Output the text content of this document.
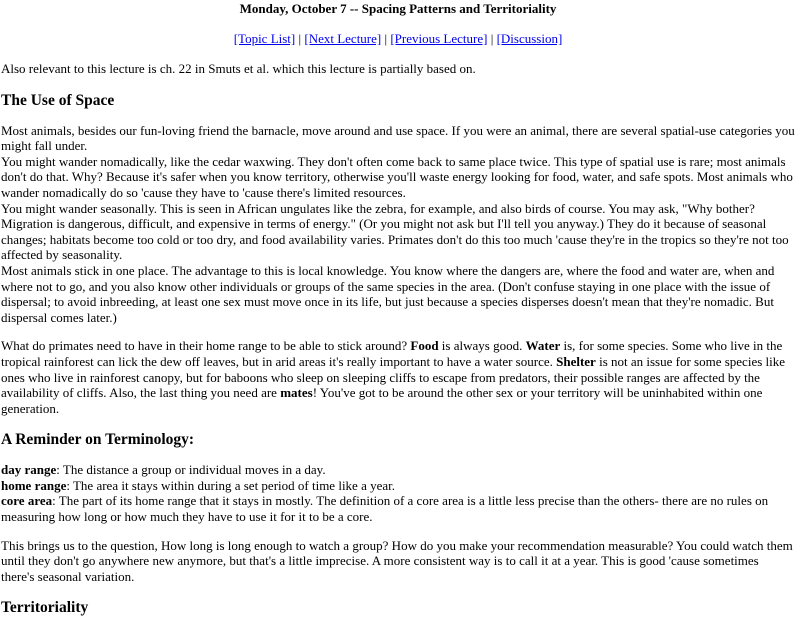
Monday, October 7 -- Spacing Patterns and Territoriality
[Topic List] | [Next Lecture] | [Previous Lecture] | [Discussion]

Also relevant to this lecture is ch. 22 in Smuts et al. which this lecture is partially based on.

The Use of Space

Most animals, besides our fun-loving friend the barnacle, move around and use space. If you were an animal, there are several spatial-use categories you might fall under.

You might wander nomadically, like the cedar waxwing. They don't often come back to same place twice. This type of spatial use is rare; most animals don't do that. Why? Because it's safer when you know territory, otherwise you'll waste energy looking for food, water, and safe spots. Most animals who wander nomadically do so 'cause they have to 'cause there's limited resources.

You might wander seasonally. This is seen in African ungulates like the zebra, for example, and also birds of course. You may ask, "Why bother? Migration is dangerous, difficult, and expensive in terms of energy." (Or you might not ask but I'll tell you anyway.) They do it because of seasonal changes; habitats become too cold or too dry, and food availability varies. Primates don't do this too much 'cause they're in the tropics so they're not too affected by seasonality.

Most animals stick in one place. The advantage to this is local knowledge. You know where the dangers are, where the food and water are, when and where not to go, and you also know other individuals or groups of the same species in the area. (Don't confuse staying in one place with the issue of dispersal; to avoid inbreeding, at least one sex must move once in its life, but just because a species disperses doesn't mean that they're nomadic. But dispersal comes later.)

What do primates need to have in their home range to be able to stick around? Food is always good. Water is, for some species. Some who live in the tropical rainforest can lick the dew off leaves, but in arid areas it's really important to have a water source. Shelter is not an issue for some species like ones who live in rainforest canopy, but for baboons who sleep on sleeping cliffs to escape from predators, their possible ranges are affected by the availability of cliffs. Also, the last thing you need are mates! You've got to be around the other sex or your territory will be uninhabited within one generation.

A Reminder on Terminology:

day range: The distance a group or individual moves in a day.

home range: The area it stays within during a set period of time like a year.

core area: The part of its home range that it stays in mostly. The definition of a core area is a little less precise than the others- there are no rules on measuring how long or how much they have to use it for it to be a core.

This brings us to the question, How long is long enough to watch a group? How do you make your recommendation measurable? You could watch them until they don't go anywhere new anymore, but that's a little imprecise. A more consistent way is to call it at a year. This is good 'cause sometimes there's seasonal variation.

Territoriality
